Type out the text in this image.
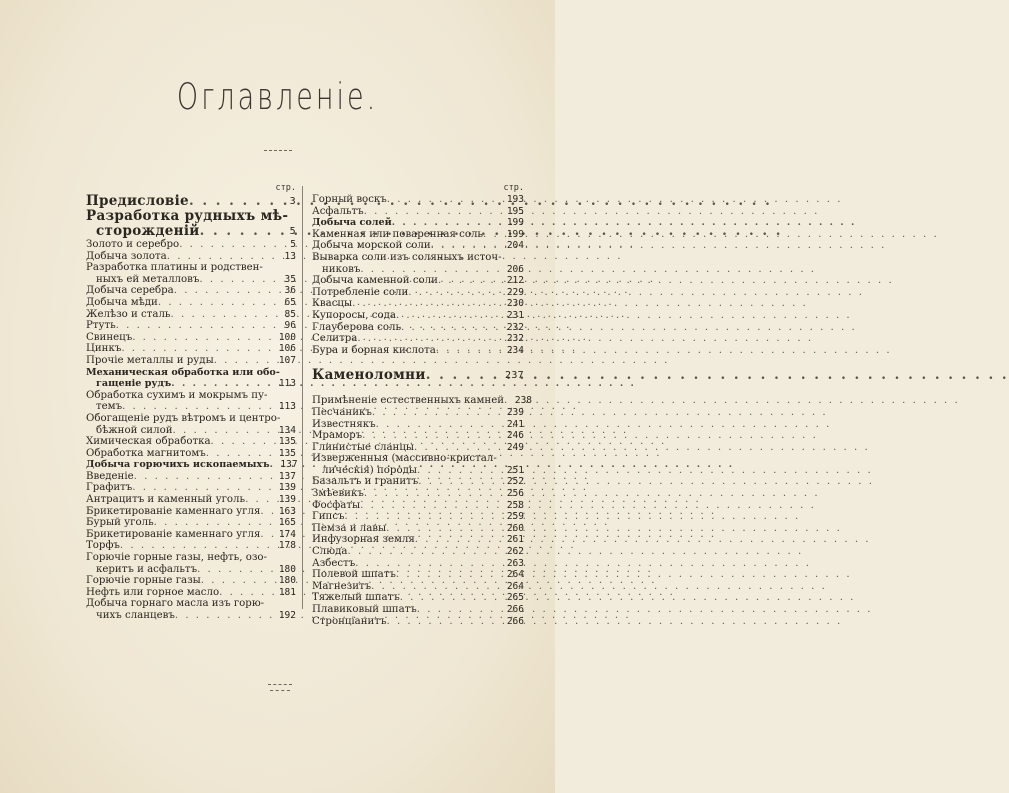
Оглавленіе.
стр.
Предисловіе . . .	3
Разработка рудныхъ мѣ-
сторожденій . . .	5
Золото и серебро . . .	5
Добыча золота . . .	13
Разработка платины и родствен-
ныхъ ей металловъ . . .	35
Добыча серебра . . .	36
Добыча мѣди . . .	65
Желѣзо и сталь . . .	85
Ртуть . . .	96
Свинецъ . . .	100
Цинкъ . . .	106
Прочіе металлы и руды . . .	107
Механическая обработка или обо-
гащеніе рудъ . . .	113
Обработка сухимъ и мокрымъ пу-
темъ . . .	113
Обогащеніе рудъ вѣтромъ и центро-
бѣжной силой . . .	134
Химическая обработка . . .	135
Обработка магнитомъ . . .	135
Добыча горючихъ ископаемыхъ . . .	137
Введеніе . . .	137
Графитъ . . .	139
Антрацитъ и каменный уголь . . .	139
Брикетированіе каменнаго угля . . .	163
Бурый уголь . . .	165
Брикетированіе каменнаго угля . . .	174
Торфъ . . .	178
Горючіе горные газы, нефть, озо-
керитъ и асфальтъ . . .	180
Горючіе горные газы . . .	180
Нефть или горное масло . . .	181
Добыча горнаго масла изъ горю-
чихъ сланцевъ . . .	192
стр.
Горный воскъ . . .	193
Асфальтъ . . .	195
Добыча солей . . .	199
Каменная или поваренная соль . . .	199
Добыча морской соли . . .	204
Выварка соли изъ соляныхъ источ-
никовъ . . .	206
Добыча каменной соли . . .	212
Потребленіе соли . . .	229
Квасцы . . .	230
Купоросы, сода . . .	231
Глауберова соль . . .	232
Селитра . . .	232
Бура и борная кислота . . .	234
Каменоломни . . .	237
Примѣненіе естественныхъ камней . . .	238
Песчаникъ . . .	239
Известнякъ . . .	241
Мраморъ . . .	246
Глинистые сланцы . . .	249
Изверженныя (массивно-кристал-
лическія) породы . . .	251
Базальтъ и гранитъ . . .	252
Змѣевикъ . . .	256
Фосфаты . . .	258
Гипсъ . . .	259
Пемза и лавы . . .	260
Инфузорная земля . . .	261
Слюда . . .	262
Азбестъ . . .	263
Полевой шпатъ . . .	264
Магнезитъ . . .	264
Тяжелый шпатъ . . .	265
Плавиковый шпатъ . . .	266
Стронціанитъ . . .	266
